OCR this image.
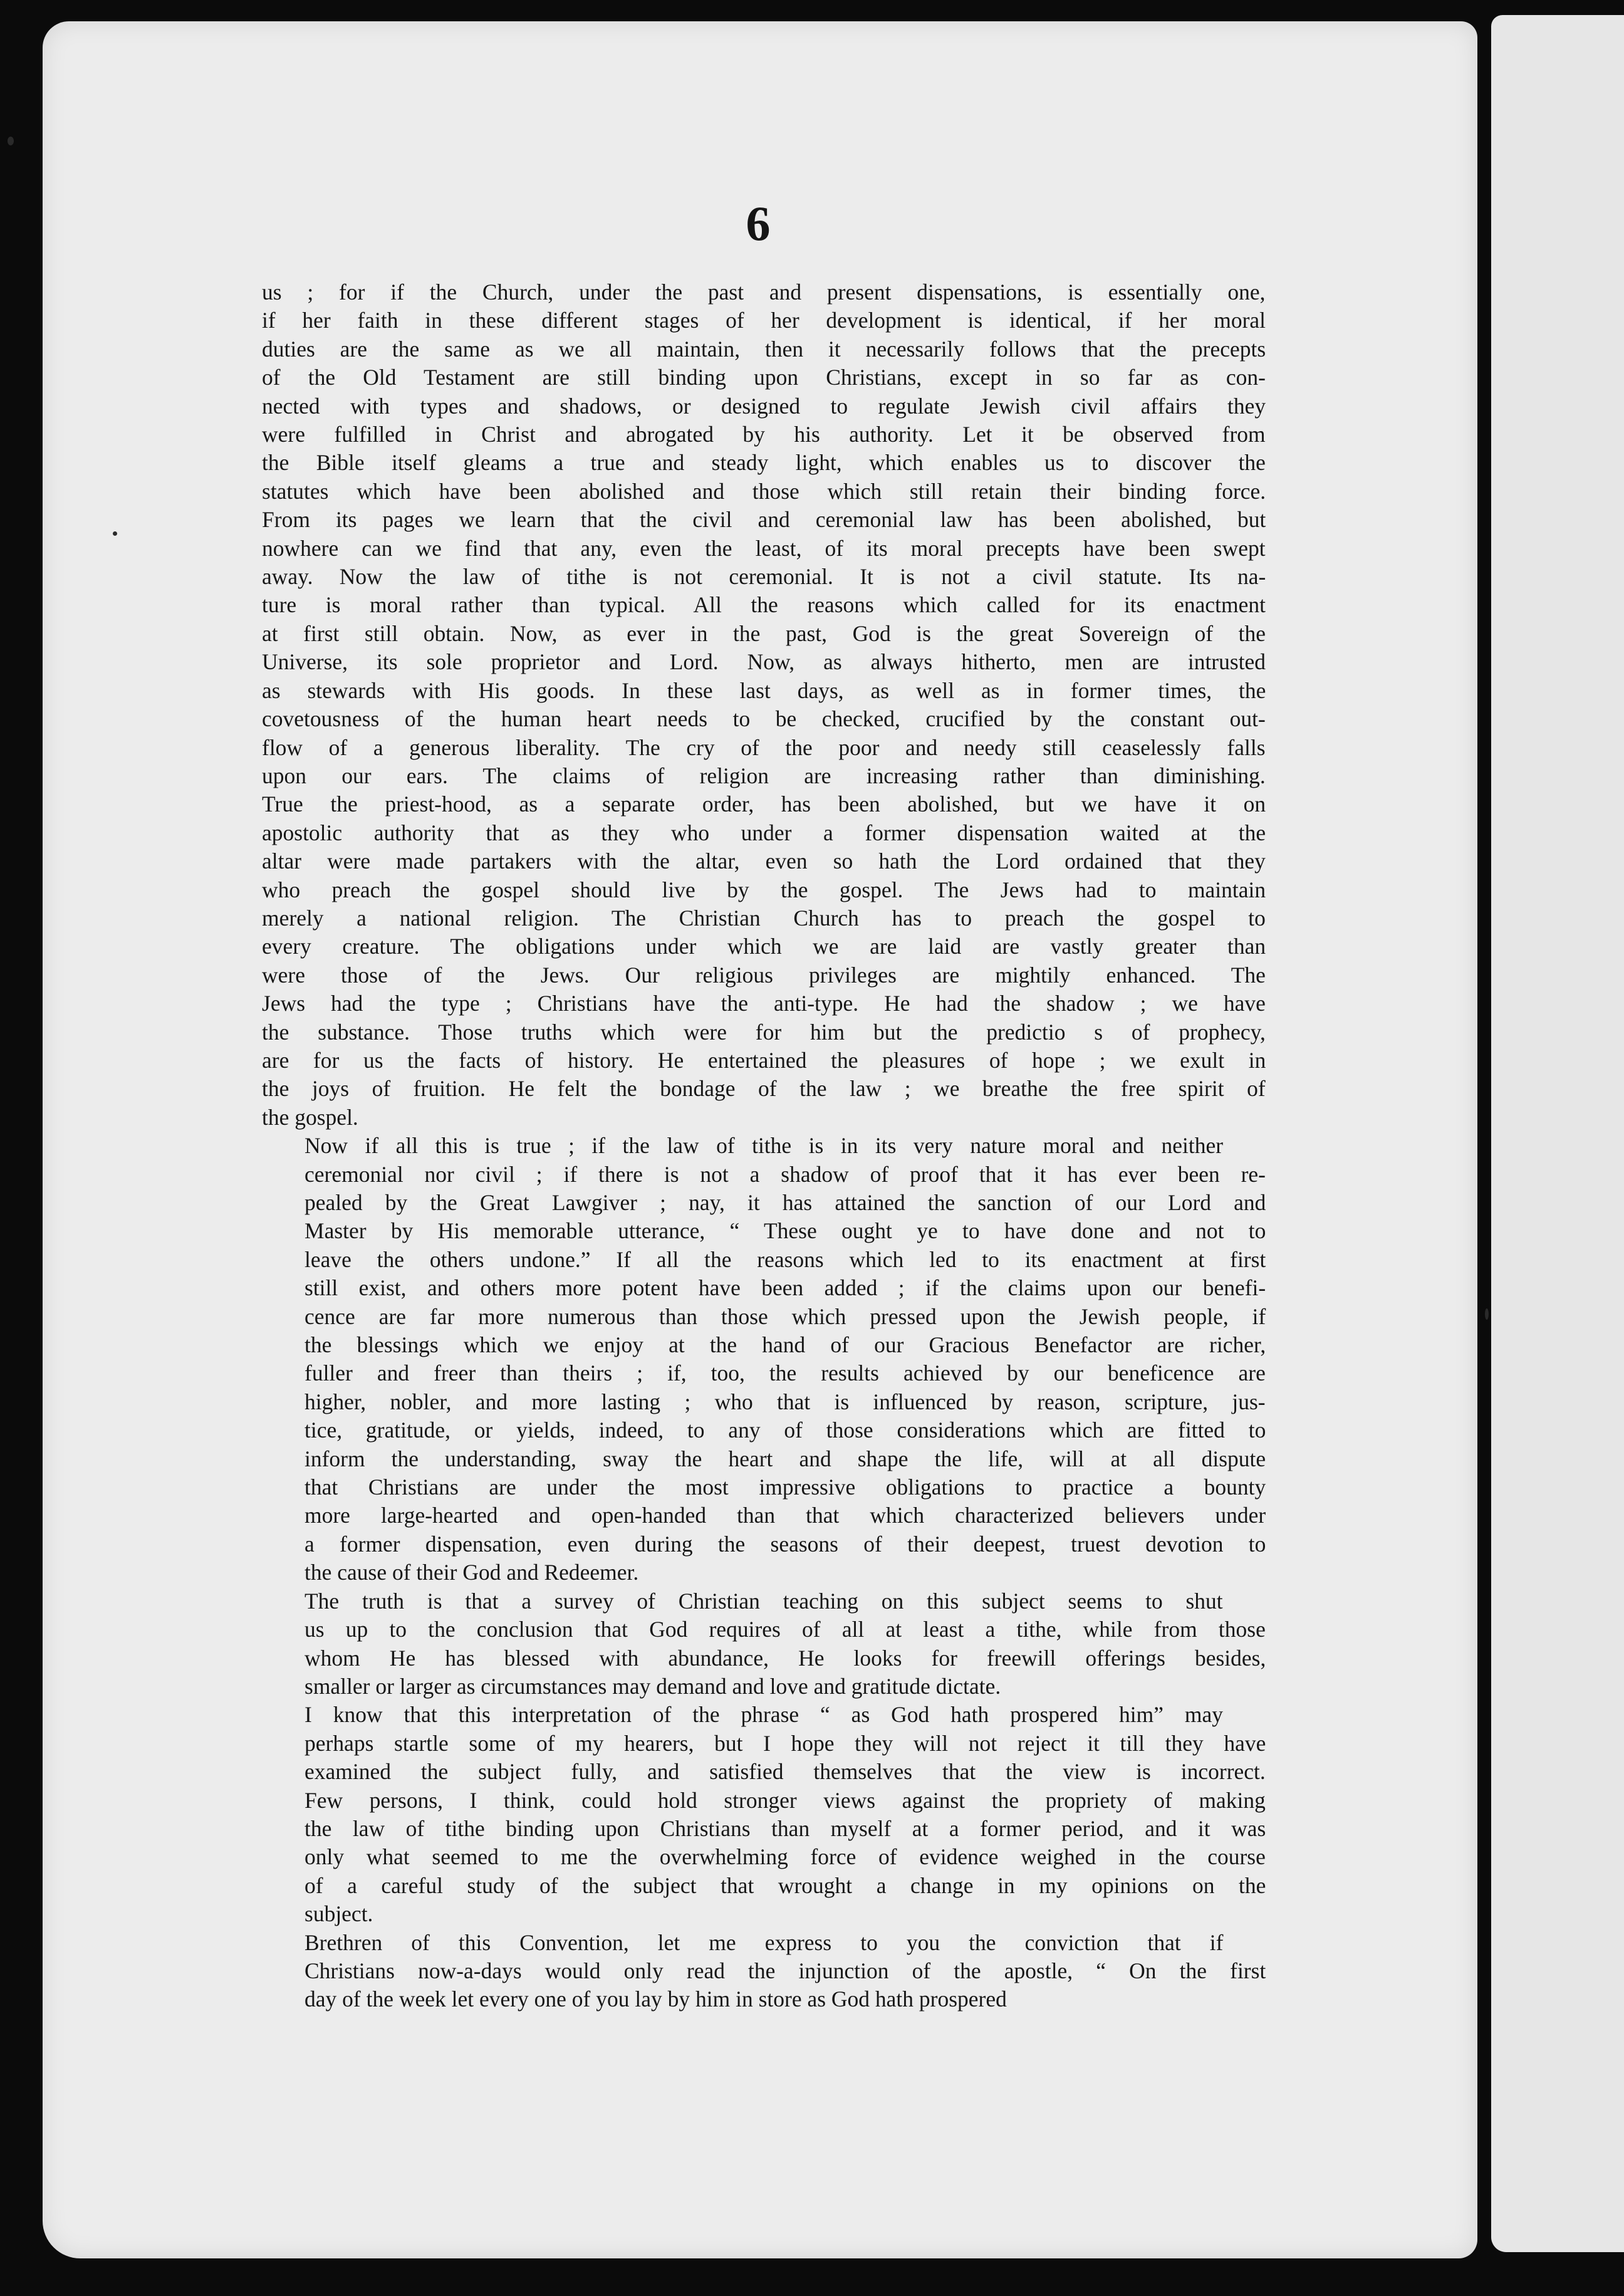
6

us ; for if the Church, under the past and present dispensations, is essentially one,
if her faith in these different stages of her development is identical, if her moral
duties are the same as we all maintain, then it necessarily follows that the precepts
of the Old Testament are still binding upon Christians, except in so far as con-
nected with types and shadows, or designed to regulate Jewish civil affairs they
were fulfilled in Christ and abrogated by his authority. Let it be observed from
the Bible itself gleams a true and steady light, which enables us to discover the
statutes which have been abolished and those which still retain their binding force.
From its pages we learn that the civil and ceremonial law has been abolished, but
nowhere can we find that any, even the least, of its moral precepts have been swept
away. Now the law of tithe is not ceremonial. It is not a civil statute. Its na-
ture is moral rather than typical. All the reasons which called for its enactment
at first still obtain. Now, as ever in the past, God is the great Sovereign of the
Universe, its sole proprietor and Lord. Now, as always hitherto, men are intrusted
as stewards with His goods. In these last days, as well as in former times, the
covetousness of the human heart needs to be checked, crucified by the constant out-
flow of a generous liberality. The cry of the poor and needy still ceaselessly falls
upon our ears. The claims of religion are increasing rather than diminishing.
True the priest-hood, as a separate order, has been abolished, but we have it on
apostolic authority that as they who under a former dispensation waited at the
altar were made partakers with the altar, even so hath the Lord ordained that they
who preach the gospel should live by the gospel. The Jews had to maintain
merely a national religion. The Christian Church has to preach the gospel to
every creature. The obligations under which we are laid are vastly greater than
were those of the Jews. Our religious privileges are mightily enhanced. The
Jews had the type ; Christians have the anti-type. He had the shadow ; we have
the substance. Those truths which were for him but the predictio s of prophecy,
are for us the facts of history. He entertained the pleasures of hope ; we exult in
the joys of fruition. He felt the bondage of the law ; we breathe the free spirit of
the gospel.

Now if all this is true ; if the law of tithe is in its very nature moral and neither
ceremonial nor civil ; if there is not a shadow of proof that it has ever been re-
pealed by the Great Lawgiver ; nay, it has attained the sanction of our Lord and
Master by His memorable utterance, “ These ought ye to have done and not to
leave the others undone.” If all the reasons which led to its enactment at first
still exist, and others more potent have been added ; if the claims upon our benefi-
cence are far more numerous than those which pressed upon the Jewish people, if
the blessings which we enjoy at the hand of our Gracious Benefactor are richer,
fuller and freer than theirs ; if, too, the results achieved by our beneficence are
higher, nobler, and more lasting ; who that is influenced by reason, scripture, jus-
tice, gratitude, or yields, indeed, to any of those considerations which are fitted to
inform the understanding, sway the heart and shape the life, will at all dispute
that Christians are under the most impressive obligations to practice a bounty
more large-hearted and open-handed than that which characterized believers under
a former dispensation, even during the seasons of their deepest, truest devotion to
the cause of their God and Redeemer.

The truth is that a survey of Christian teaching on this subject seems to shut
us up to the conclusion that God requires of all at least a tithe, while from those
whom He has blessed with abundance, He looks for freewill offerings besides,
smaller or larger as circumstances may demand and love and gratitude dictate.

I know that this interpretation of the phrase “ as God hath prospered him” may
perhaps startle some of my hearers, but I hope they will not reject it till they have
examined the subject fully, and satisfied themselves that the view is incorrect.
Few persons, I think, could hold stronger views against the propriety of making
the law of tithe binding upon Christians than myself at a former period, and it was
only what seemed to me the overwhelming force of evidence weighed in the course
of a careful study of the subject that wrought a change in my opinions on the
subject.

Brethren of this Convention, let me express to you the conviction that if
Christians now-a-days would only read the injunction of the apostle, “ On the first
day of the week let every one of you lay by him in store as God hath prospered
